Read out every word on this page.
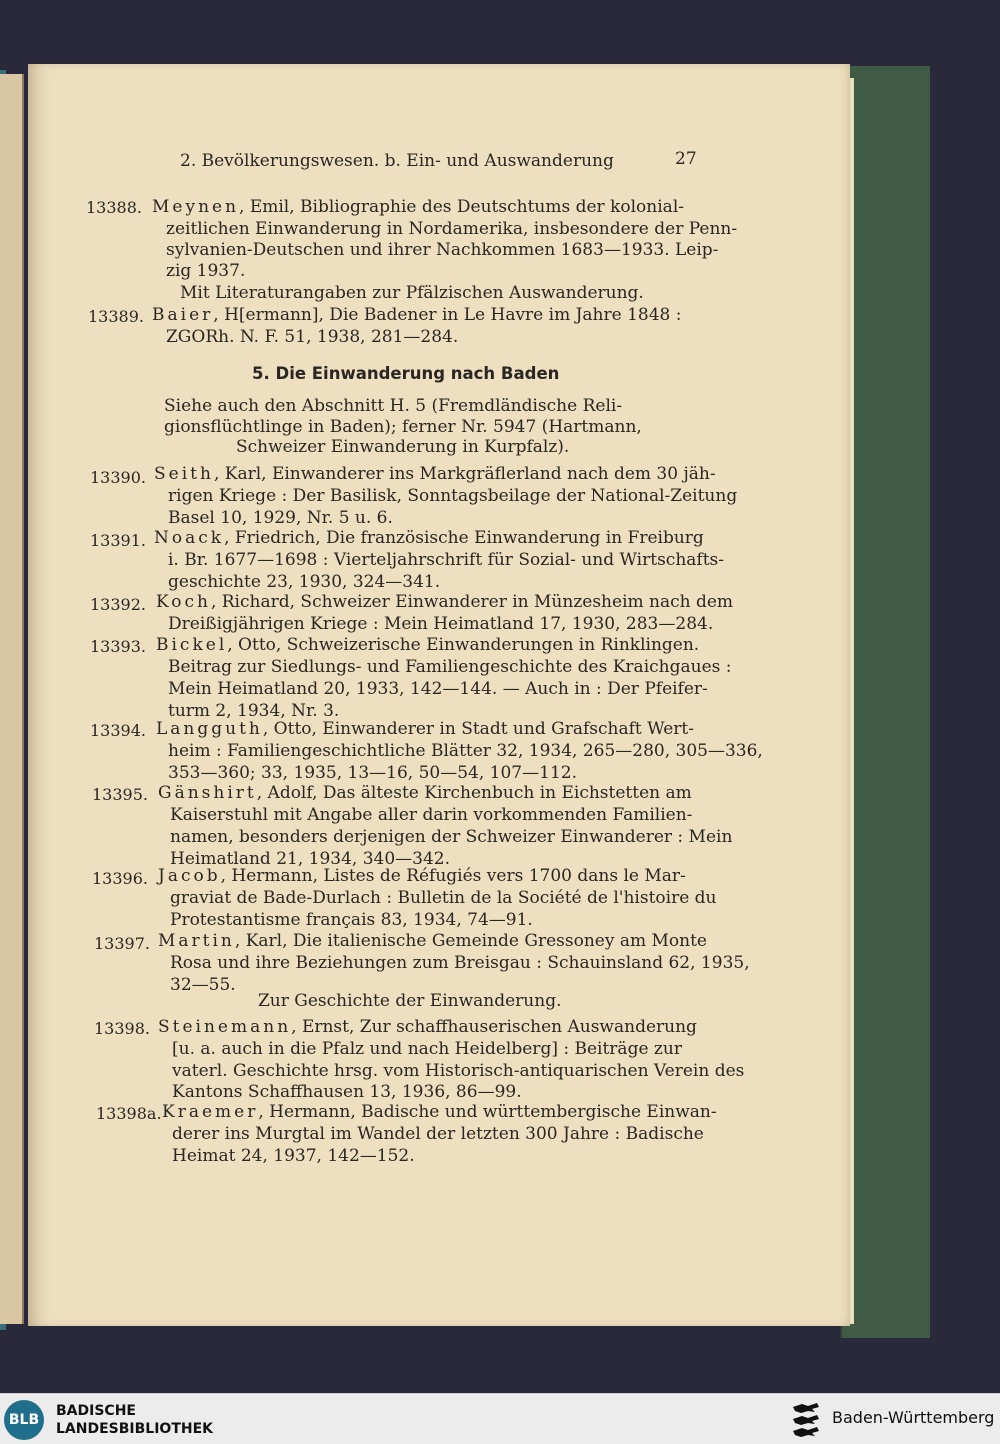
2. Bevölkerungswesen. b. Ein- und Auswanderung	27
13388. Meynen, Emil, Bibliographie des Deutschtums der kolonial-
zeitlichen Einwanderung in Nordamerika, insbesondere der Penn-
sylvanien-Deutschen und ihrer Nachkommen 1683—1933. Leip-
zig 1937.
Mit Literaturangaben zur Pfälzischen Auswanderung.
13389. Baier, H[ermann], Die Badener in Le Havre im Jahre 1848 :
ZGORh. N. F. 51, 1938, 281—284.
5. Die Einwanderung nach Baden
Siehe auch den Abschnitt H. 5 (Fremdländische Reli-
gionsflüchtlinge in Baden); ferner Nr. 5947 (Hartmann,
Schweizer Einwanderung in Kurpfalz).
13390. Seith, Karl, Einwanderer ins Markgräflerland nach dem 30 jäh-
rigen Kriege : Der Basilisk, Sonntagsbeilage der National-Zeitung
Basel 10, 1929, Nr. 5 u. 6.
13391. Noack, Friedrich, Die französische Einwanderung in Freiburg
i. Br. 1677—1698 : Vierteljahrschrift für Sozial- und Wirtschafts-
geschichte 23, 1930, 324—341.
13392. Koch, Richard, Schweizer Einwanderer in Münzesheim nach dem
Dreißigjährigen Kriege : Mein Heimatland 17, 1930, 283—284.
13393. Bickel, Otto, Schweizerische Einwanderungen in Rinklingen.
Beitrag zur Siedlungs- und Familiengeschichte des Kraichgaues :
Mein Heimatland 20, 1933, 142—144. — Auch in : Der Pfeifer-
turm 2, 1934, Nr. 3.
13394. Langguth, Otto, Einwanderer in Stadt und Grafschaft Wert-
heim : Familiengeschichtliche Blätter 32, 1934, 265—280, 305—336,
353—360; 33, 1935, 13—16, 50—54, 107—112.
13395. Gänshirt, Adolf, Das älteste Kirchenbuch in Eichstetten am
Kaiserstuhl mit Angabe aller darin vorkommenden Familien-
namen, besonders derjenigen der Schweizer Einwanderer : Mein
Heimatland 21, 1934, 340—342.
13396. Jacob, Hermann, Listes de Réfugiés vers 1700 dans le Mar-
graviat de Bade-Durlach : Bulletin de la Société de l'histoire du
Protestantisme français 83, 1934, 74—91.
13397. Martin, Karl, Die italienische Gemeinde Gressoney am Monte
Rosa und ihre Beziehungen zum Breisgau : Schauinsland 62, 1935,
32—55.
Zur Geschichte der Einwanderung.
13398. Steinemann, Ernst, Zur schaffhauserischen Auswanderung
[u. a. auch in die Pfalz und nach Heidelberg] : Beiträge zur
vaterl. Geschichte hrsg. vom Historisch-antiquarischen Verein des
Kantons Schaffhausen 13, 1936, 86—99.
13398a. Kraemer, Hermann, Badische und württembergische Einwan-
derer ins Murgtal im Wandel der letzten 300 Jahre : Badische
Heimat 24, 1937, 142—152.
BLB
BADISCHE
LANDESBIBLIOTHEK
Baden-Württemberg
